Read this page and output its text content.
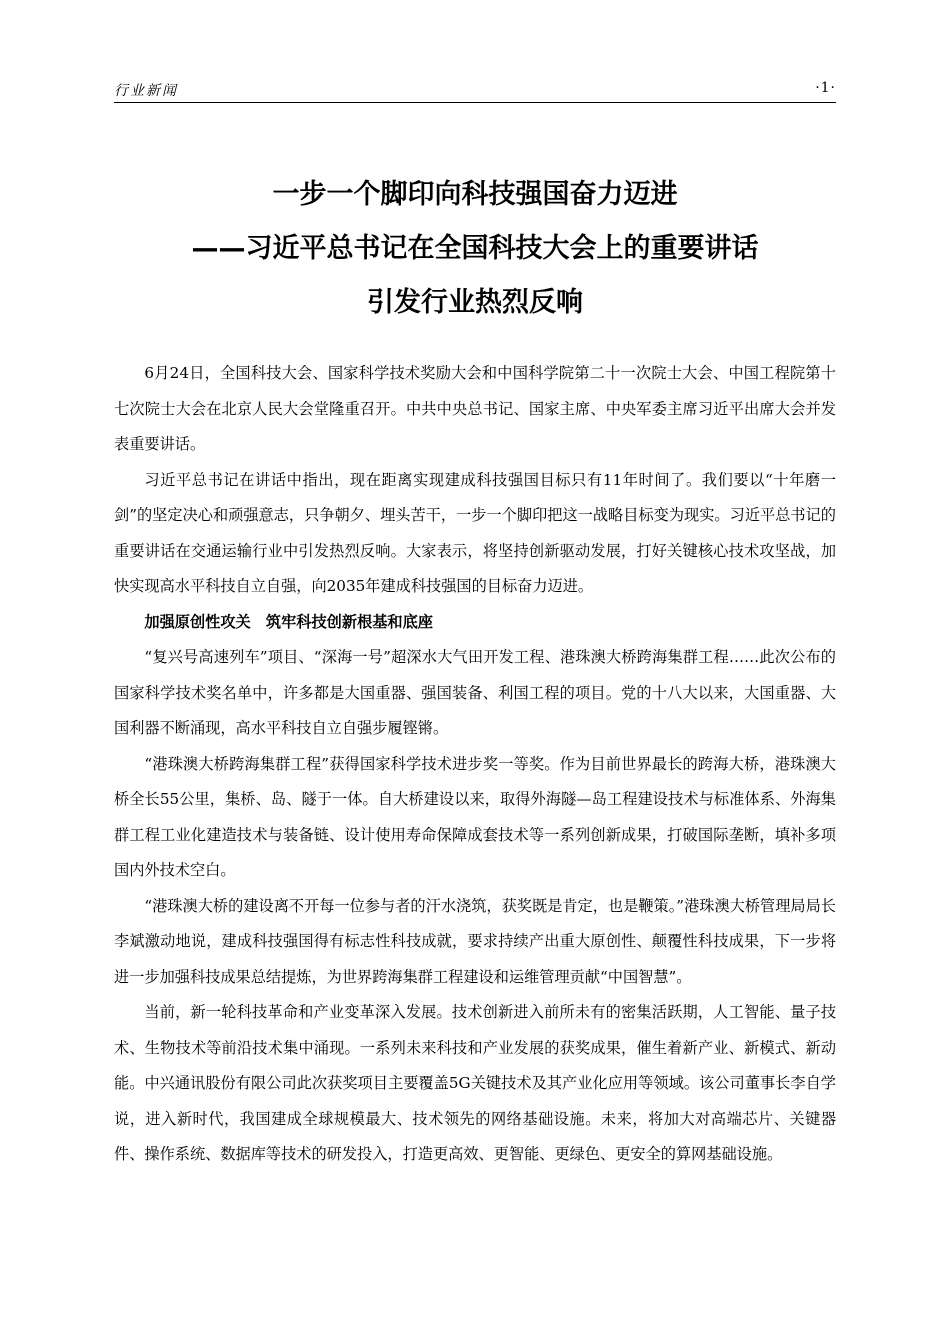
行业新闻	·1·
一步一个脚印向科技强国奋力迈进
——习近平总书记在全国科技大会上的重要讲话
引发行业热烈反响

6月24日，全国科技大会、国家科学技术奖励大会和中国科学院第二十一次院士大会、中国工程院第十七次院士大会在北京人民大会堂隆重召开。中共中央总书记、国家主席、中央军委主席习近平出席大会并发表重要讲话。

习近平总书记在讲话中指出，现在距离实现建成科技强国目标只有11年时间了。我们要以“十年磨一剑”的坚定决心和顽强意志，只争朝夕、埋头苦干，一步一个脚印把这一战略目标变为现实。习近平总书记的重要讲话在交通运输行业中引发热烈反响。大家表示，将坚持创新驱动发展，打好关键核心技术攻坚战，加快实现高水平科技自立自强，向2035年建成科技强国的目标奋力迈进。

加强原创性攻关　筑牢科技创新根基和底座

“复兴号高速列车”项目、“深海一号”超深水大气田开发工程、港珠澳大桥跨海集群工程……此次公布的国家科学技术奖名单中，许多都是大国重器、强国装备、利国工程的项目。党的十八大以来，大国重器、大国利器不断涌现，高水平科技自立自强步履铿锵。

“港珠澳大桥跨海集群工程”获得国家科学技术进步奖一等奖。作为目前世界最长的跨海大桥，港珠澳大桥全长55公里，集桥、岛、隧于一体。自大桥建设以来，取得外海隧—岛工程建设技术与标准体系、外海集群工程工业化建造技术与装备链、设计使用寿命保障成套技术等一系列创新成果，打破国际垄断，填补多项国内外技术空白。

“港珠澳大桥的建设离不开每一位参与者的汗水浇筑，获奖既是肯定，也是鞭策。”港珠澳大桥管理局局长李斌激动地说，建成科技强国得有标志性科技成就，要求持续产出重大原创性、颠覆性科技成果，下一步将进一步加强科技成果总结提炼，为世界跨海集群工程建设和运维管理贡献“中国智慧”。

当前，新一轮科技革命和产业变革深入发展。技术创新进入前所未有的密集活跃期，人工智能、量子技术、生物技术等前沿技术集中涌现。一系列未来科技和产业发展的获奖成果，催生着新产业、新模式、新动能。中兴通讯股份有限公司此次获奖项目主要覆盖5G关键技术及其产业化应用等领域。该公司董事长李自学说，进入新时代，我国建成全球规模最大、技术领先的网络基础设施。未来，将加大对高端芯片、关键器件、操作系统、数据库等技术的研发投入，打造更高效、更智能、更绿色、更安全的算网基础设施。
